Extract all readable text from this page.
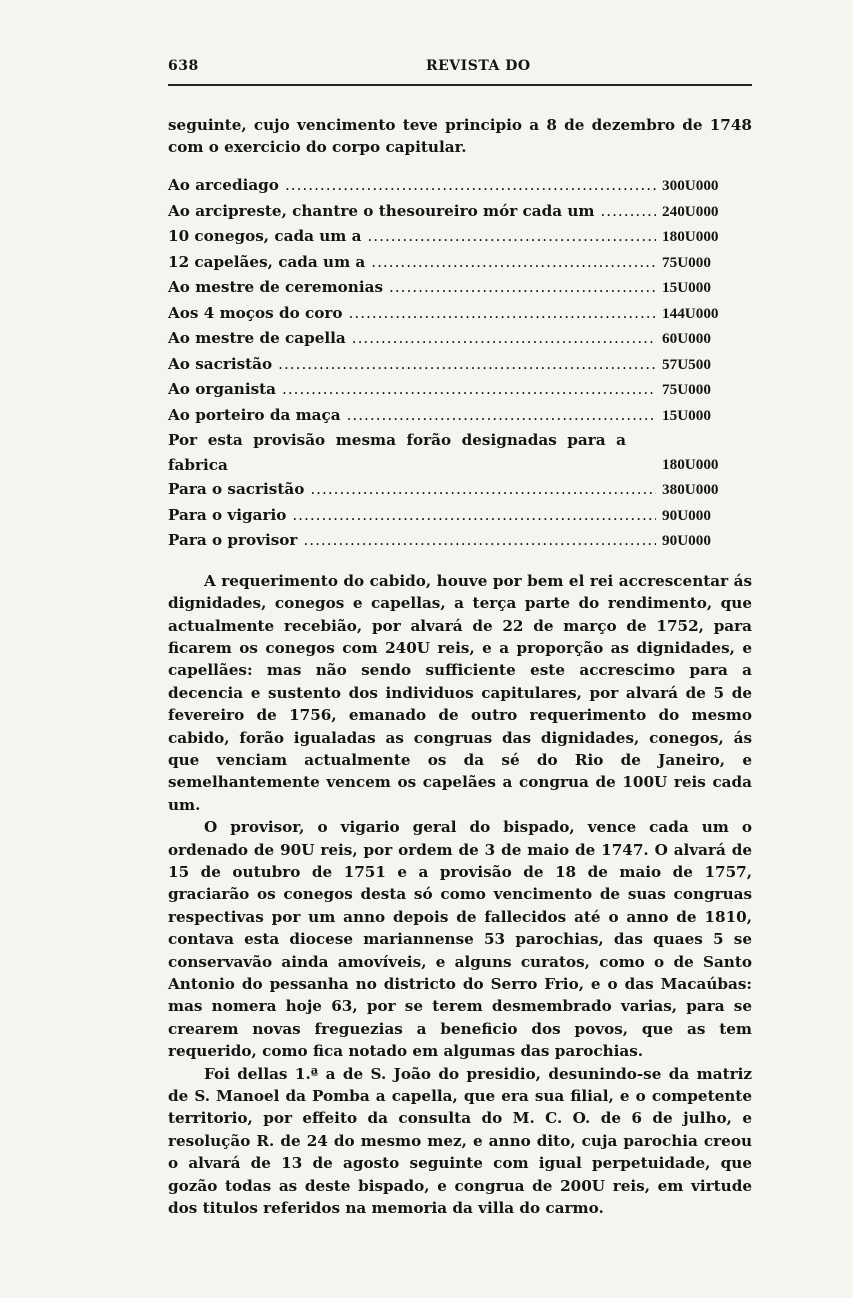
638	REVISTA DO

seguinte, cujo vencimento teve principio a 8 de dezembro de 1748 com o exercicio do corpo capitular.

Ao arcediago .....	300U000
Ao arcipreste, chantre o thesoureiro mór cada um .....	240U000
10 conegos, cada um a .....	180U000
12 capelães, cada um a .....	75U000
Ao mestre de ceremonias .....	15U000
Aos 4 moços do coro .....	144U000
Ao mestre de capella .....	60U000
Ao sacristão .....	57U500
Ao organista .....	75U000
Ao porteiro da maça .....	15U000
Por esta provisão mesma forão designadas para a fabrica	180U000
Para o sacristão .....	380U000
Para o vigario .....	90U000
Para o provisor .....	90U000

A requerimento do cabido, houve por bem el rei accrescentar ás dignidades, conegos e capellas, a terça parte do rendimento, que actualmente recebião, por alvará de 22 de março de 1752, para ficarem os conegos com 240U reis, e a proporção as dignidades, e capellães: mas não sendo sufficiente este accrescimo para a decencia e sustento dos individuos capitulares, por alvará de 5 de fevereiro de 1756, emanado de outro requerimento do mesmo cabido, forão igualadas as congruas das dignidades, conegos, ás que venciam actualmente os da sé do Rio de Janeiro, e semelhantemente vencem os capelães a congrua de 100U reis cada um.

O provisor, o vigario geral do bispado, vence cada um o ordenado de 90U reis, por ordem de 3 de maio de 1747. O alvará de 15 de outubro de 1751 e a provisão de 18 de maio de 1757, graciarão os conegos desta só como vencimento de suas congruas respectivas por um anno depois de fallecidos até o anno de 1810, contava esta diocese mariannense 53 parochias, das quaes 5 se conservavão ainda amovíveis, e alguns curatos, como o de Santo Antonio do pessanha no districto do Serro Frio, e o das Macaúbas: mas nomera hoje 63, por se terem desmembrado varias, para se crearem novas freguezias a beneficio dos povos, que as tem requerido, como fica notado em algumas das parochias.

Foi dellas 1.ª a de S. João do presidio, desunindo-se da matriz de S. Manoel da Pomba a capella, que era sua filial, e o competente territorio, por effeito da consulta do M. C. O. de 6 de julho, e resolução R. de 24 do mesmo mez, e anno dito, cuja parochia creou o alvará de 13 de agosto seguinte com igual perpetuidade, que gozão todas as deste bispado, e congrua de 200U reis, em virtude dos titulos referidos na memoria da villa do carmo.
